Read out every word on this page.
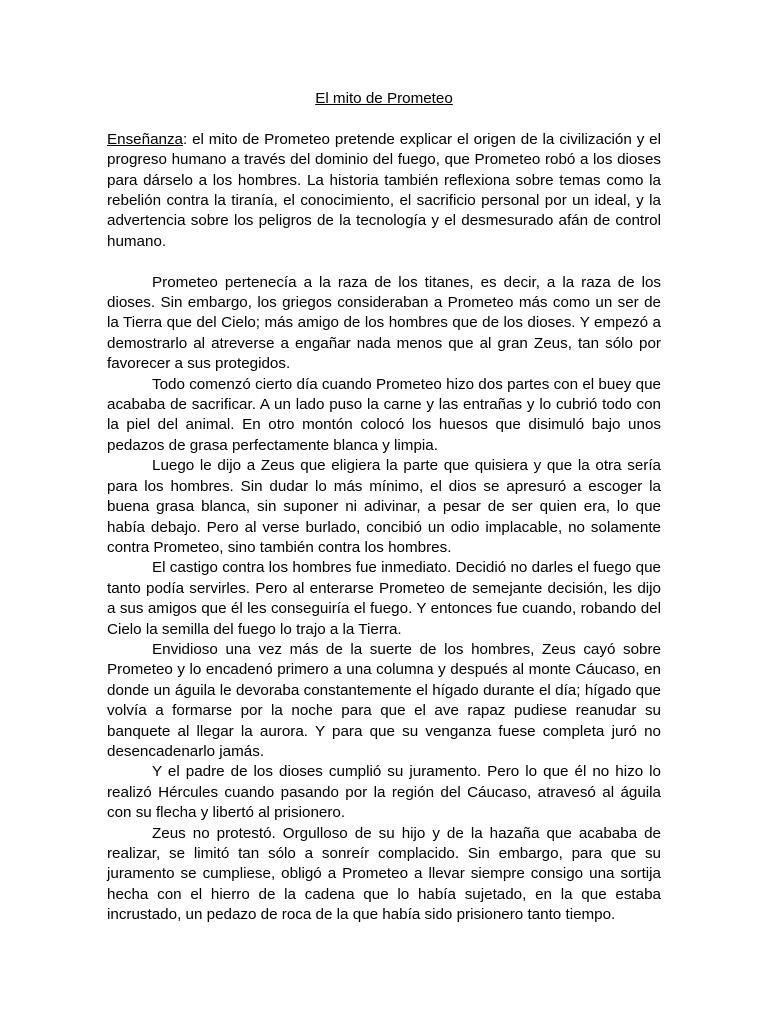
El mito de Prometeo

Enseñanza: el mito de Prometeo pretende explicar el origen de la civilización y el progreso humano a través del dominio del fuego, que Prometeo robó a los dioses para dárselo a los hombres. La historia también reflexiona sobre temas como la rebelión contra la tiranía, el conocimiento, el sacrificio personal por un ideal, y la advertencia sobre los peligros de la tecnología y el desmesurado afán de control humano.

Prometeo pertenecía a la raza de los titanes, es decir, a la raza de los dioses. Sin embargo, los griegos consideraban a Prometeo más como un ser de la Tierra que del Cielo; más amigo de los hombres que de los dioses. Y empezó a demostrarlo al atreverse a engañar nada menos que al gran Zeus, tan sólo por favorecer a sus protegidos.

Todo comenzó cierto día cuando Prometeo hizo dos partes con el buey que acababa de sacrificar. A un lado puso la carne y las entrañas y lo cubrió todo con la piel del animal. En otro montón colocó los huesos que disimuló bajo unos pedazos de grasa perfectamente blanca y limpia.

Luego le dijo a Zeus que eligiera la parte que quisiera y que la otra sería para los hombres. Sin dudar lo más mínimo, el dios se apresuró a escoger la buena grasa blanca, sin suponer ni adivinar, a pesar de ser quien era, lo que había debajo. Pero al verse burlado, concibió un odio implacable, no solamente contra Prometeo, sino también contra los hombres.

El castigo contra los hombres fue inmediato. Decidió no darles el fuego que tanto podía servirles. Pero al enterarse Prometeo de semejante decisión, les dijo a sus amigos que él les conseguiría el fuego. Y entonces fue cuando, robando del Cielo la semilla del fuego lo trajo a la Tierra.

Envidioso una vez más de la suerte de los hombres, Zeus cayó sobre Prometeo y lo encadenó primero a una columna y después al monte Cáucaso, en donde un águila le devoraba constantemente el hígado durante el día; hígado que volvía a formarse por la noche para que el ave rapaz pudiese reanudar su banquete al llegar la aurora. Y para que su venganza fuese completa juró no desencadenarlo jamás.

Y el padre de los dioses cumplió su juramento. Pero lo que él no hizo lo realizó Hércules cuando pasando por la región del Cáucaso, atravesó al águila con su flecha y libertó al prisionero.

Zeus no protestó. Orgulloso de su hijo y de la hazaña que acababa de realizar, se limitó tan sólo a sonreír complacido. Sin embargo, para que su juramento se cumpliese, obligó a Prometeo a llevar siempre consigo una sortija hecha con el hierro de la cadena que lo había sujetado, en la que estaba incrustado, un pedazo de roca de la que había sido prisionero tanto tiempo.
